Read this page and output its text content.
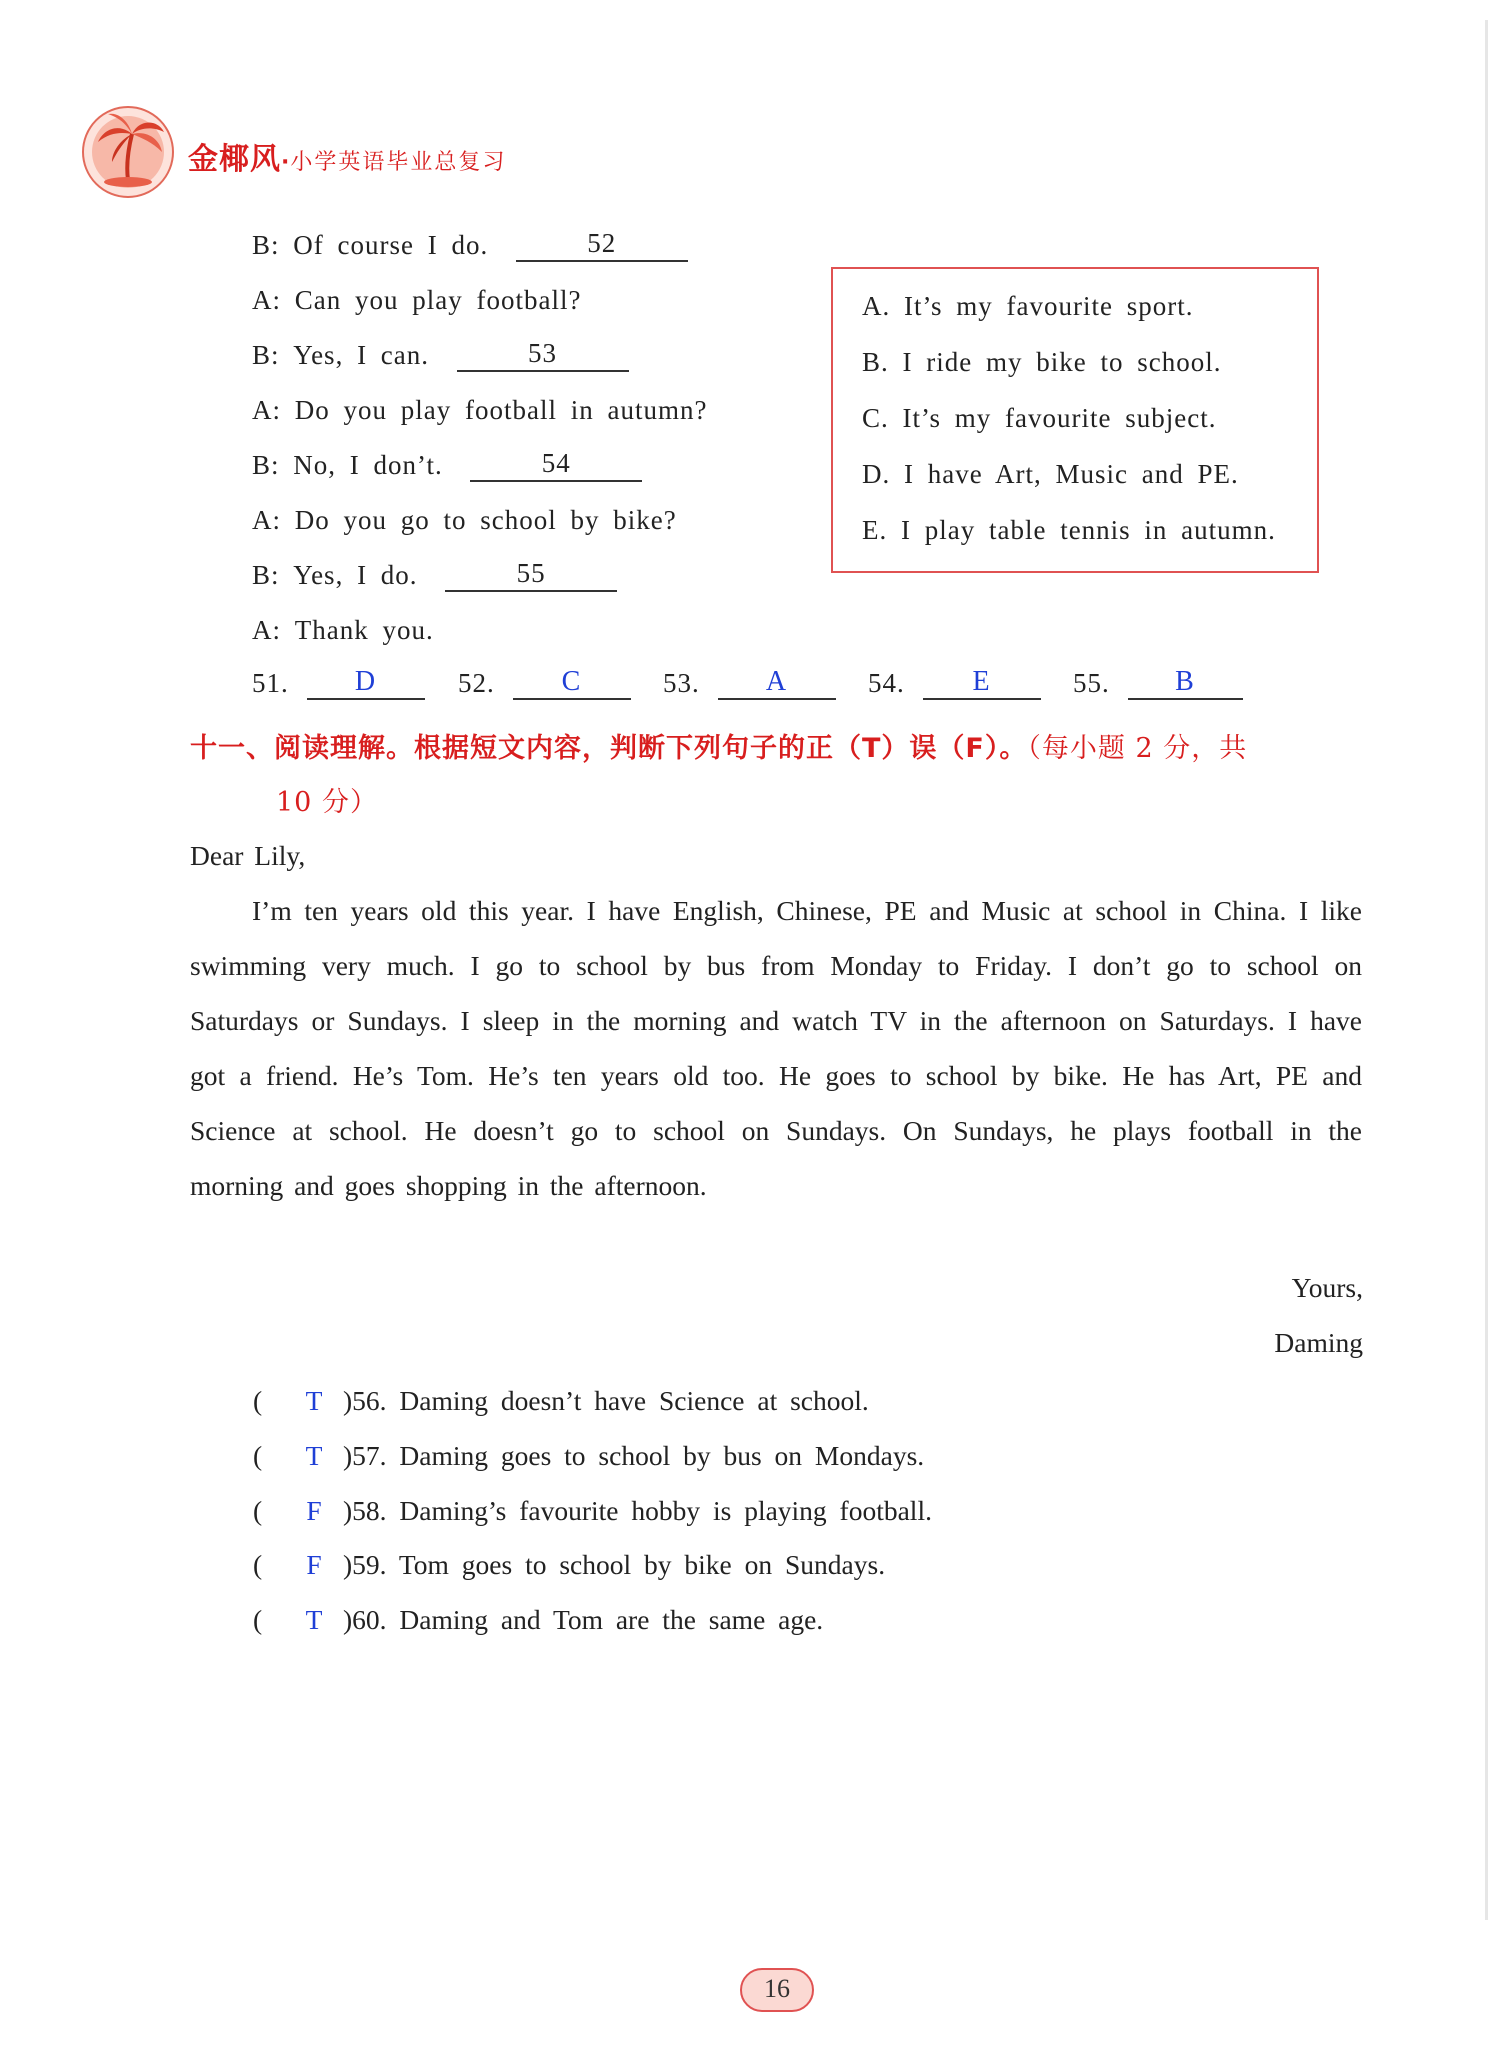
金椰风·小学英语毕业总复习
B: Of course I do.	52
A: Can you play football?
B: Yes, I can.	53
A: Do you play football in autumn?
B: No, I don’t.	54
A: Do you go to school by bike?
B: Yes, I do.	55
A: Thank you.
A. It’s my favourite sport.
B. I ride my bike to school.
C. It’s my favourite subject.
D. I have Art, Music and PE.
E. I play table tennis in autumn.
51. D	52. C	53. A	54. E	55. B
十一、阅读理解。根据短文内容，判断下列句子的正（T）误（F）。（每小题 2 分，共
10 分）

Dear Lily,

I’m ten years old this year. I have English, Chinese, PE and Music at school in China. I like swimming very much. I go to school by bus from Monday to Friday. I don’t go to school on Saturdays or Sundays. I sleep in the morning and watch TV in the afternoon on Saturdays. I have got a friend. He’s Tom. He’s ten years old too. He goes to school by bike. He has Art, PE and Science at school. He doesn’t go to school on Sundays. On Sundays, he plays football in the morning and goes shopping in the afternoon.

Yours,
Daming
( T )56. Daming doesn’t have Science at school.
( T )57. Daming goes to school by bus on Mondays.
( F )58. Daming’s favourite hobby is playing football.
( F )59. Tom goes to school by bike on Sundays.
( T )60. Daming and Tom are the same age.
16
